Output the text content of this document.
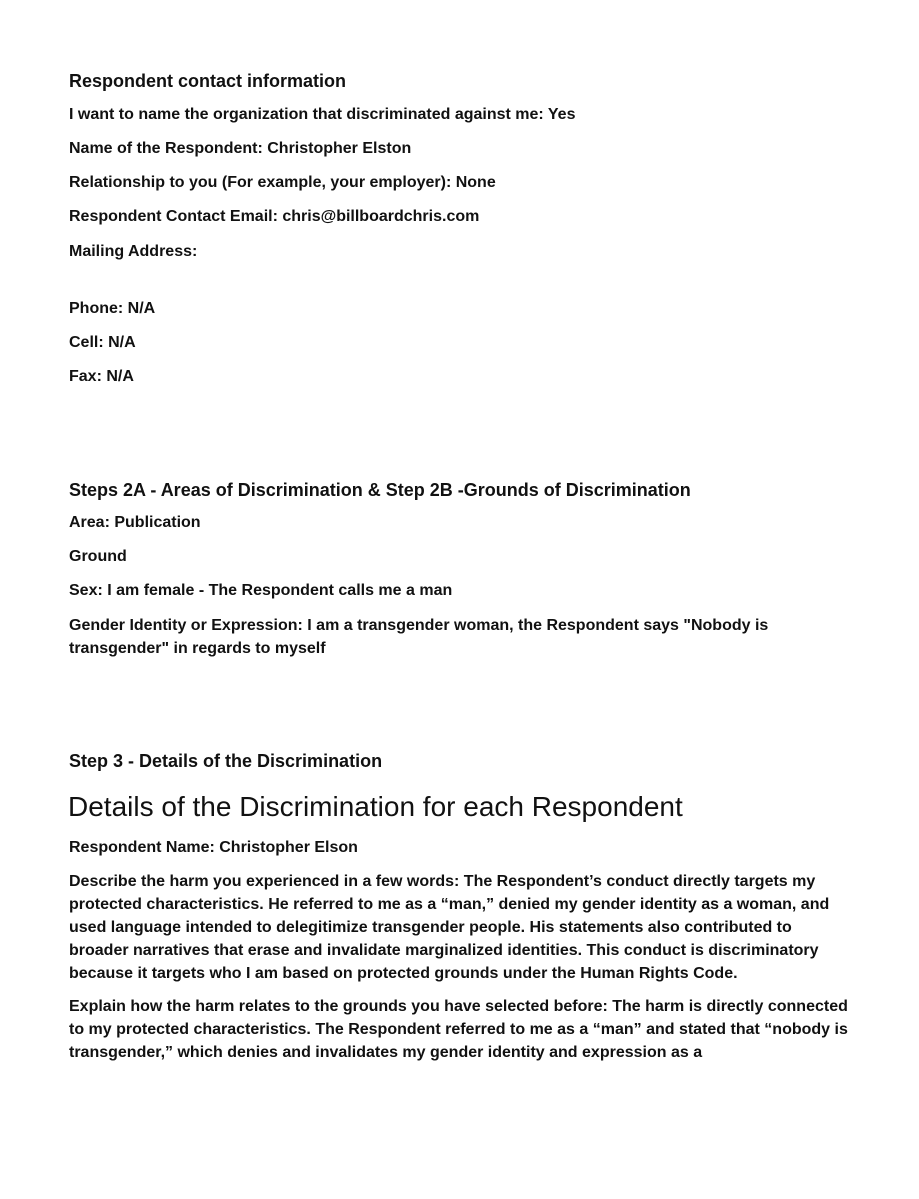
Respondent contact information

I want to name the organization that discriminated against me: Yes

Name of the Respondent: Christopher Elston

Relationship to you (For example, your employer): None

Respondent Contact Email: chris@billboardchris.com

Mailing Address:

Phone: N/A

Cell: N/A

Fax: N/A

Steps 2A - Areas of Discrimination & Step 2B -Grounds of Discrimination

Area: Publication

Ground

Sex: I am female - The Respondent calls me a man

Gender Identity or Expression: I am a transgender woman, the Respondent says "Nobody is transgender" in regards to myself

Step 3 - Details of the Discrimination
Details of the Discrimination for each Respondent

Respondent Name: Christopher Elson

Describe the harm you experienced in a few words: The Respondent’s conduct directly targets my protected characteristics. He referred to me as a “man,” denied my gender identity as a woman, and used language intended to delegitimize transgender people. His statements also contributed to broader narratives that erase and invalidate marginalized identities. This conduct is discriminatory because it targets who I am based on protected grounds under the Human Rights Code.

Explain how the harm relates to the grounds you have selected before: The harm is directly connected to my protected characteristics. The Respondent referred to me as a “man” and stated that “nobody is transgender,” which denies and invalidates my gender identity and expression as a
